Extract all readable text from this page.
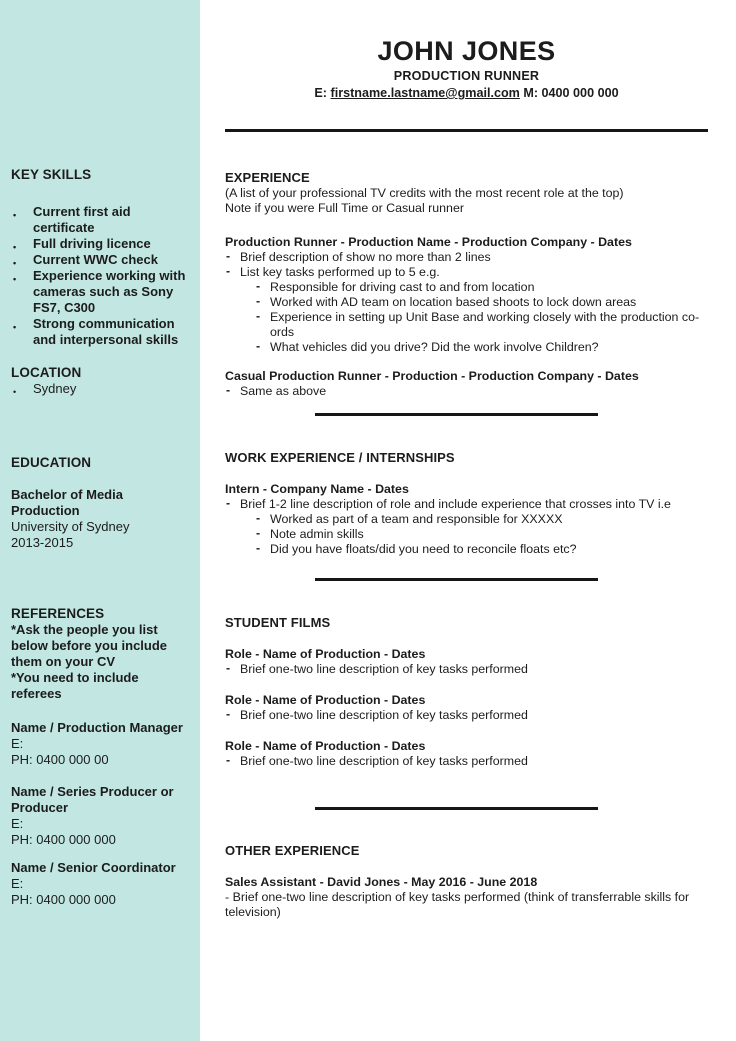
KEY SKILLS
• Current first aid certificate
• Full driving licence
• Current WWC check
• Experience working with cameras such as Sony FS7, C300
• Strong communication and interpersonal skills
LOCATION
• Sydney
EDUCATION

Bachelor of Media Production

University of Sydney

2013-2015

REFERENCES

*Ask the people you list below before you include them on your CV

*You need to include referees

Name / Production Manager

E:

PH: 0400 000 00

Name / Series Producer or Producer

E:

PH: 0400 000 000

Name / Senior Coordinator

E:

PH: 0400 000 000

JOHN JONES
PRODUCTION RUNNER
E: firstname.lastname@gmail.com M: 0400 000 000
EXPERIENCE

(A list of your professional TV credits with the most recent role at the top)

Note if you were Full Time or Casual runner

Production Runner - Production Name - Production Company - Dates

- Brief description of show no more than 2 lines
- List key tasks performed up to 5 e.g.
- Responsible for driving cast to and from location
- Worked with AD team on location based shoots to lock down areas
- Experience in setting up Unit Base and working closely with the production co-ords
- What vehicles did you drive? Did the work involve Children?

Casual Production Runner - Production - Production Company - Dates

- Same as above
WORK EXPERIENCE / INTERNSHIPS

Intern - Company Name - Dates

- Brief 1-2 line description of role and include experience that crosses into TV i.e
- Worked as part of a team and responsible for XXXXX
- Note admin skills
- Did you have floats/did you need to reconcile floats etc?
STUDENT FILMS

Role - Name of Production - Dates

- Brief one-two line description of key tasks performed

Role - Name of Production - Dates

- Brief one-two line description of key tasks performed

Role - Name of Production - Dates

- Brief one-two line description of key tasks performed
OTHER EXPERIENCE

Sales Assistant - David Jones - May 2016 - June 2018

- Brief one-two line description of key tasks performed (think of transferrable skills for television)
